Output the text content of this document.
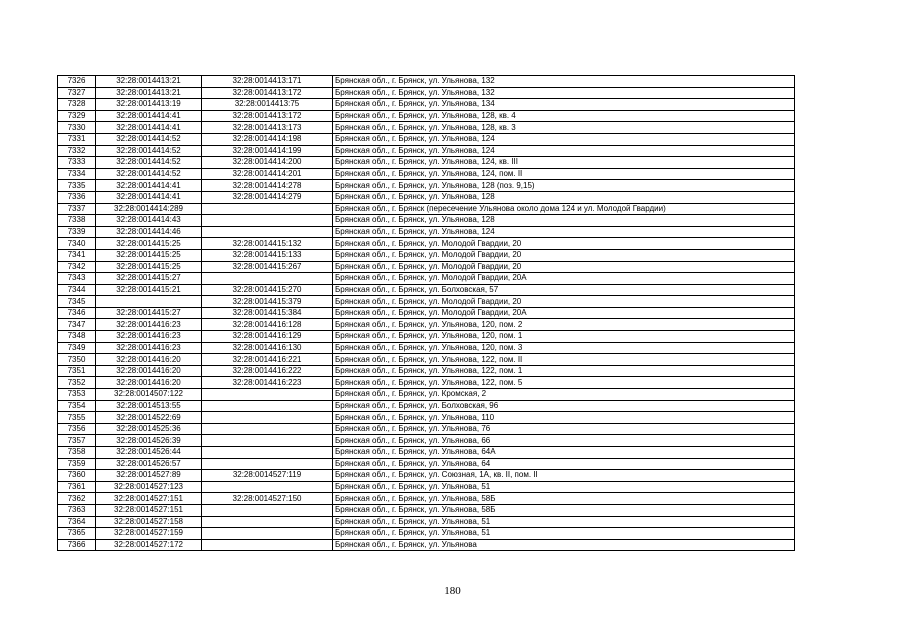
7326	32:28:0014413:21	32:28:0014413:171	Брянская обл., г. Брянск, ул. Ульянова, 132
7327	32:28:0014413:21	32:28:0014413:172	Брянская обл., г. Брянск, ул. Ульянова, 132
7328	32:28:0014413:19	32:28:0014413:75	Брянская обл., г. Брянск, ул. Ульянова, 134
7329	32:28:0014414:41	32:28:0014413:172	Брянская обл., г. Брянск, ул. Ульянова, 128, кв. 4
7330	32:28:0014414:41	32:28:0014413:173	Брянская обл., г. Брянск, ул. Ульянова, 128, кв. 3
7331	32:28:0014414:52	32:28:0014414:198	Брянская обл., г. Брянск, ул. Ульянова, 124
7332	32:28:0014414:52	32:28:0014414:199	Брянская обл., г. Брянск, ул. Ульянова, 124
7333	32:28:0014414:52	32:28:0014414:200	Брянская обл., г. Брянск, ул. Ульянова, 124, кв. III
7334	32:28:0014414:52	32:28:0014414:201	Брянская обл., г. Брянск, ул. Ульянова, 124, пом. II
7335	32:28:0014414:41	32:28:0014414:278	Брянская обл., г. Брянск, ул. Ульянова, 128 (поз. 9,15)
7336	32:28:0014414:41	32:28:0014414:279	Брянская обл., г. Брянск, ул. Ульянова, 128
7337	32:28:0014414:289		Брянская обл., г. Брянск (пересечение Ульянова около дома 124 и ул. Молодой Гвардии)
7338	32:28:0014414:43		Брянская обл., г. Брянск, ул. Ульянова, 128
7339	32:28:0014414:46		Брянская обл., г. Брянск, ул. Ульянова, 124
7340	32:28:0014415:25	32:28:0014415:132	Брянская обл., г. Брянск, ул. Молодой Гвардии, 20
7341	32:28:0014415:25	32:28:0014415:133	Брянская обл., г. Брянск, ул. Молодой Гвардии, 20
7342	32:28:0014415:25	32:28:0014415:267	Брянская обл., г. Брянск, ул. Молодой Гвардии, 20
7343	32:28:0014415:27		Брянская обл., г. Брянск, ул. Молодой Гвардии, 20А
7344	32:28:0014415:21	32:28:0014415:270	Брянская обл., г. Брянск, ул. Болховская, 57
7345		32:28:0014415:379	Брянская обл., г. Брянск, ул. Молодой Гвардии, 20
7346	32:28:0014415:27	32:28:0014415:384	Брянская обл., г. Брянск, ул. Молодой Гвардии, 20А
7347	32:28:0014416:23	32:28:0014416:128	Брянская обл., г. Брянск, ул. Ульянова, 120, пом. 2
7348	32:28:0014416:23	32:28:0014416:129	Брянская обл., г. Брянск, ул. Ульянова, 120, пом. 1
7349	32:28:0014416:23	32:28:0014416:130	Брянская обл., г. Брянск, ул. Ульянова, 120, пом. 3
7350	32:28:0014416:20	32:28:0014416:221	Брянская обл., г. Брянск, ул. Ульянова, 122, пом. II
7351	32:28:0014416:20	32:28:0014416:222	Брянская обл., г. Брянск, ул. Ульянова, 122, пом. 1
7352	32:28:0014416:20	32:28:0014416:223	Брянская обл., г. Брянск, ул. Ульянова, 122, пом. 5
7353	32:28:0014507:122		Брянская обл., г. Брянск, ул. Кромская, 2
7354	32:28:0014513:55		Брянская обл., г. Брянск, ул. Болховская, 96
7355	32:28:0014522:69		Брянская обл., г. Брянск, ул. Ульянова, 110
7356	32:28:0014525:36		Брянская обл., г. Брянск, ул. Ульянова, 76
7357	32:28:0014526:39		Брянская обл., г. Брянск, ул. Ульянова, 66
7358	32:28:0014526:44		Брянская обл., г. Брянск, ул. Ульянова, 64А
7359	32:28:0014526:57		Брянская обл., г. Брянск, ул. Ульянова, 64
7360	32:28:0014527:89	32:28:0014527:119	Брянская обл., г. Брянск, ул. Союзная, 1А, кв. II, пом. II
7361	32:28:0014527:123		Брянская обл., г. Брянск, ул. Ульянова, 51
7362	32:28:0014527:151	32:28:0014527:150	Брянская обл., г. Брянск, ул. Ульянова, 58Б
7363	32:28:0014527:151		Брянская обл., г. Брянск, ул. Ульянова, 58Б
7364	32:28:0014527:158		Брянская обл., г. Брянск, ул. Ульянова, 51
7365	32:28:0014527:159		Брянская обл., г. Брянск, ул. Ульянова, 51
7366	32:28:0014527:172		Брянская обл., г. Брянск, ул. Ульянова
180
